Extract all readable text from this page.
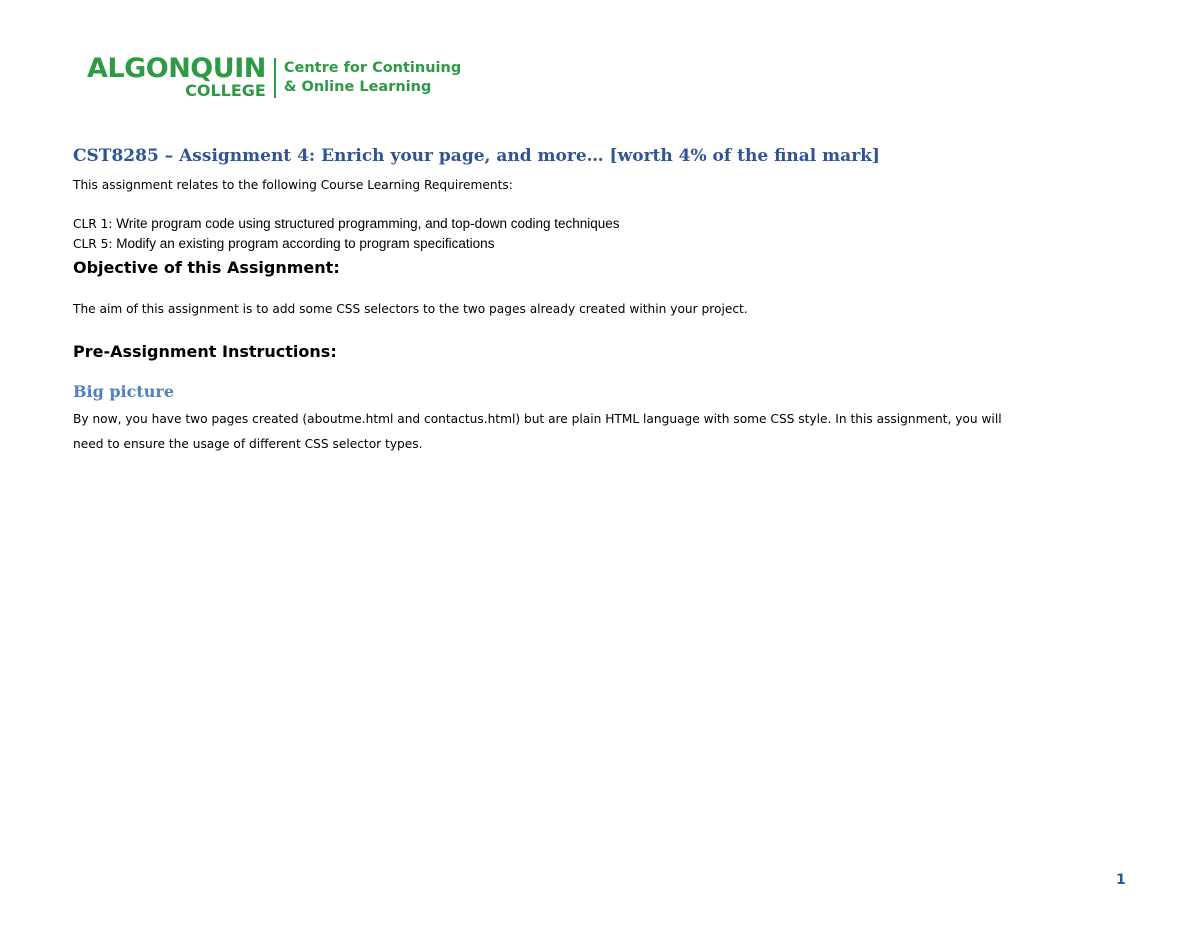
ALGONQUIN
COLLEGE
Centre for Continuing
& Online Learning
CST8285 – Assignment 4: Enrich your page, and more… [worth 4% of the final mark]

This assignment relates to the following Course Learning Requirements:

CLR 1: Write program code using structured programming, and top-down coding techniques

CLR 5: Modify an existing program according to program specifications

Objective of this Assignment:

The aim of this assignment is to add some CSS selectors to the two pages already created within your project.

Pre-Assignment Instructions:
Big picture

By now, you have two pages created (aboutme.html and contactus.html) but are plain HTML language with some CSS style. In this assignment, you will

need to ensure the usage of different CSS selector types.

1
